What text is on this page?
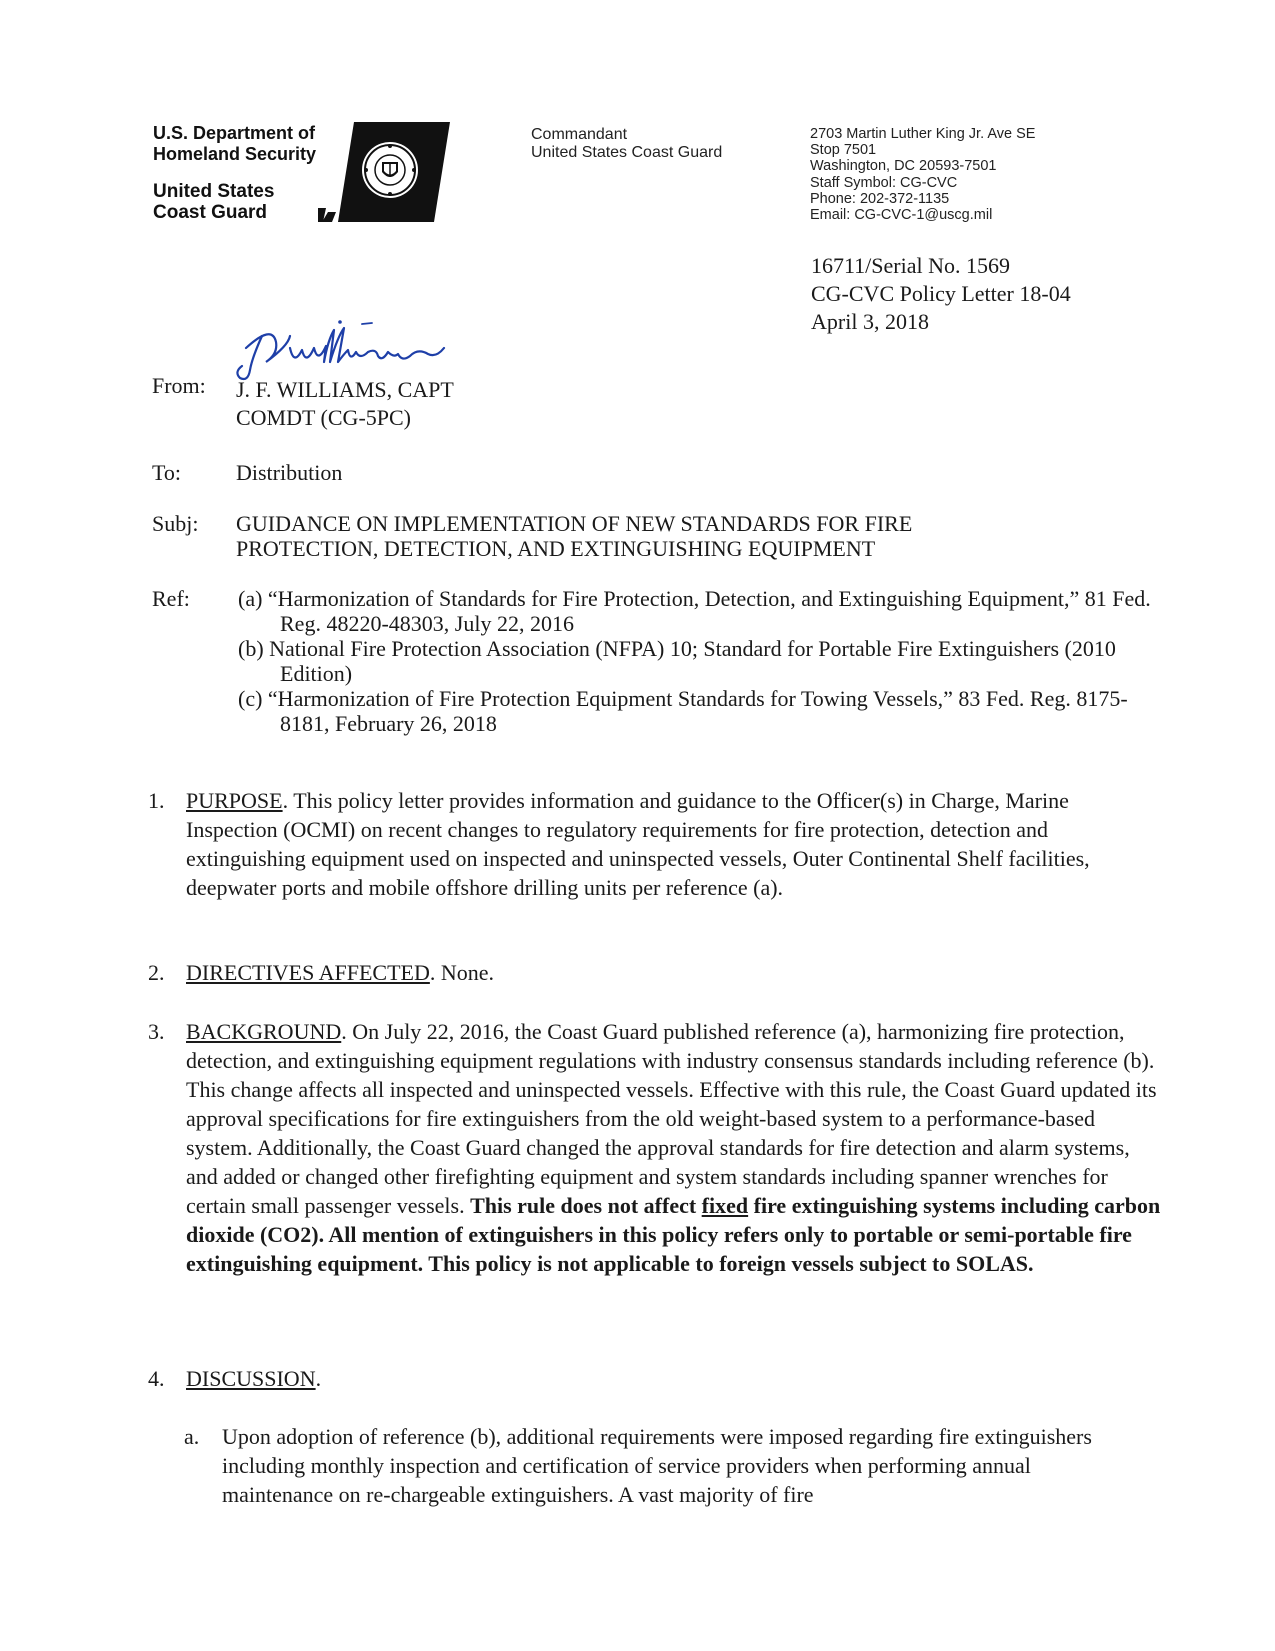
U.S. Department of
Homeland Security
United States
Coast Guard
Commandant
United States Coast Guard
2703 Martin Luther King Jr. Ave SE
Stop 7501
Washington, DC 20593-7501
Staff Symbol: CG-CVC
Phone: 202-372-1135
Email: CG-CVC-1@uscg.mil
16711/Serial No. 1569
CG-CVC Policy Letter 18-04
April 3, 2018
From: J. F. WILLIAMS, CAPT
COMDT (CG-5PC)
To: Distribution
Subj: GUIDANCE ON IMPLEMENTATION OF NEW STANDARDS FOR FIRE
PROTECTION, DETECTION, AND EXTINGUISHING EQUIPMENT
Ref: (a) “Harmonization of Standards for Fire Protection, Detection, and Extinguishing Equipment,” 81 Fed. Reg. 48220-48303, July 22, 2016
(b) National Fire Protection Association (NFPA) 10; Standard for Portable Fire Extinguishers (2010 Edition)
(c) “Harmonization of Fire Protection Equipment Standards for Towing Vessels,” 83 Fed. Reg. 8175-8181, February 26, 2018
1. PURPOSE. This policy letter provides information and guidance to the Officer(s) in Charge, Marine Inspection (OCMI) on recent changes to regulatory requirements for fire protection, detection and extinguishing equipment used on inspected and uninspected vessels, Outer Continental Shelf facilities, deepwater ports and mobile offshore drilling units per reference (a).
2. DIRECTIVES AFFECTED. None.
3. BACKGROUND. On July 22, 2016, the Coast Guard published reference (a), harmonizing fire protection, detection, and extinguishing equipment regulations with industry consensus standards including reference (b). This change affects all inspected and uninspected vessels. Effective with this rule, the Coast Guard updated its approval specifications for fire extinguishers from the old weight-based system to a performance-based system. Additionally, the Coast Guard changed the approval standards for fire detection and alarm systems, and added or changed other firefighting equipment and system standards including spanner wrenches for certain small passenger vessels. This rule does not affect fixed fire extinguishing systems including carbon dioxide (CO2). All mention of extinguishers in this policy refers only to portable or semi-portable fire extinguishing equipment. This policy is not applicable to foreign vessels subject to SOLAS.
4. DISCUSSION.
a. Upon adoption of reference (b), additional requirements were imposed regarding fire extinguishers including monthly inspection and certification of service providers when performing annual maintenance on re-chargeable extinguishers. A vast majority of fire
